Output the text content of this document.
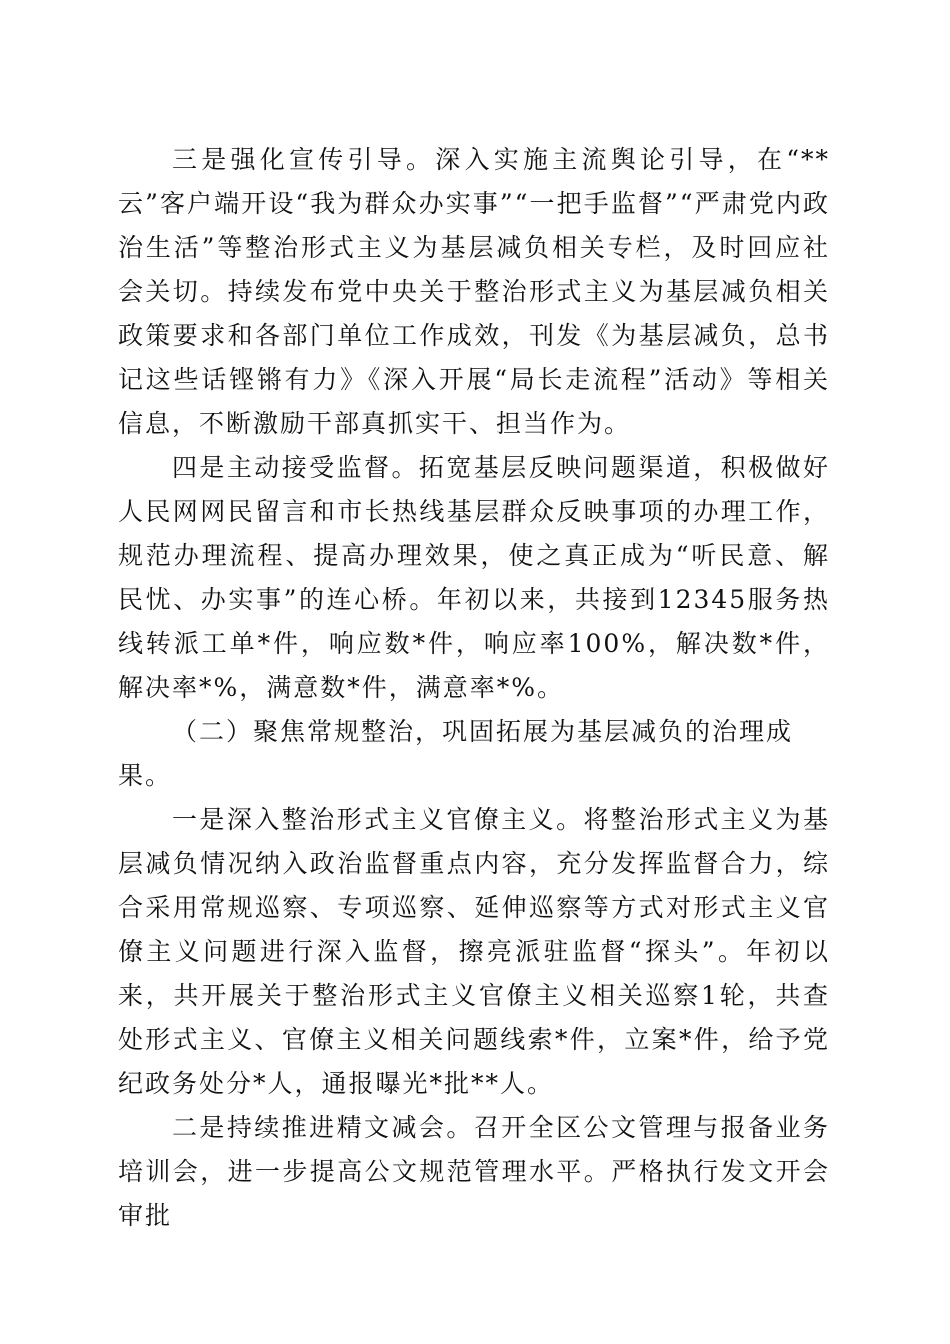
三是强化宣传引导。深入实施主流舆论引导，在“**云”客户端开设“我为群众办实事”“一把手监督”“严肃党内政治生活”等整治形式主义为基层减负相关专栏，及时回应社会关切。持续发布党中央关于整治形式主义为基层减负相关政策要求和各部门单位工作成效，刊发《为基层减负，总书记这些话铿锵有力》《深入开展“局长走流程”活动》等相关信息，不断激励干部真抓实干、担当作为。

四是主动接受监督。拓宽基层反映问题渠道，积极做好人民网网民留言和市长热线基层群众反映事项的办理工作，规范办理流程、提高办理效果，使之真正成为“听民意、解民忧、办实事”的连心桥。年初以来，共接到12345服务热线转派工单*件，响应数*件，响应率100%，解决数*件，解决率*%，满意数*件，满意率*%。

（二）聚焦常规整治，巩固拓展为基层减负的治理成果。

一是深入整治形式主义官僚主义。将整治形式主义为基层减负情况纳入政治监督重点内容，充分发挥监督合力，综合采用常规巡察、专项巡察、延伸巡察等方式对形式主义官僚主义问题进行深入监督，擦亮派驻监督“探头”。年初以来，共开展关于整治形式主义官僚主义相关巡察1轮，共查处形式主义、官僚主义相关问题线索*件，立案*件，给予党纪政务处分*人，通报曝光*批**人。

二是持续推进精文减会。召开全区公文管理与报备业务培训会，进一步提高公文规范管理水平。严格执行发文开会审批
